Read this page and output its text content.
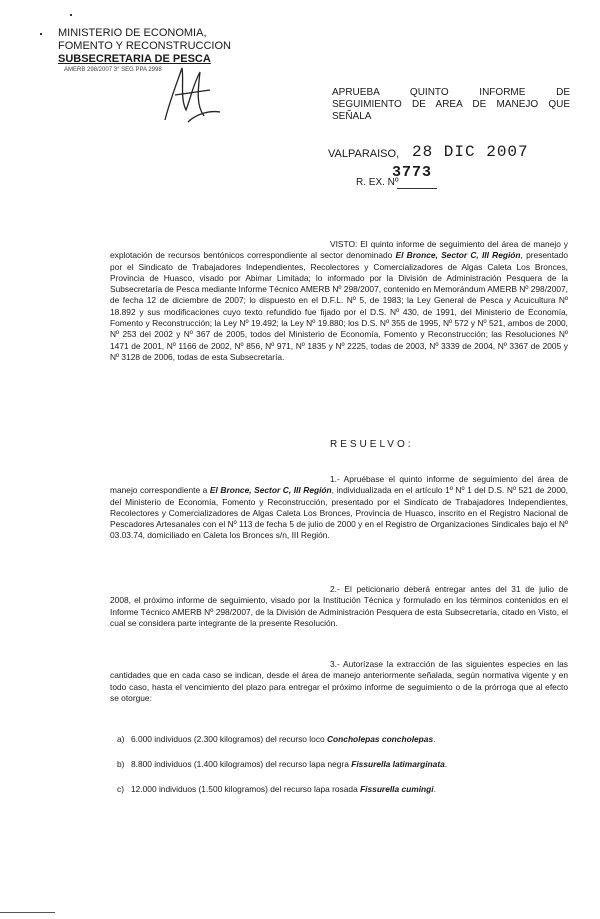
MINISTERIO DE ECONOMIA,
FOMENTO Y RECONSTRUCCION
SUBSECRETARIA DE PESCA
AMERB 298/2007 3° SEG PPA 2998
APRUEBA QUINTO INFORME DE
SEGUIMIENTO DE AREA DE MANEJO QUE
SEÑALA
VALPARAISO, 28 DIC 2007
R. EX. Nº
3773
VISTO: El quinto informe de seguimiento del área de manejo y explotación de recursos bentónicos correspondiente al sector denominado El Bronce, Sector C, III Región, presentado por el Sindicato de Trabajadores Independientes, Recolectores y Comercializadores de Algas Caleta Los Bronces, Provincia de Huasco, visado por Abimar Limitada; lo informado por la División de Administración Pesquera de la Subsecretaría de Pesca mediante Informe Técnico AMERB Nº 298/2007, contenido en Memorándum AMERB Nº 298/2007, de fecha 12 de diciembre de 2007; lo dispuesto en el D.F.L. Nº 5, de 1983; la Ley General de Pesca y Acuicultura Nº 18.892 y sus modificaciones cuyo texto refundido fue fijado por el D.S. Nº 430, de 1991, del Ministerio de Economía, Fomento y Reconstrucción; la Ley Nº 19.492; la Ley Nº 19.880; los D.S. Nº 355 de 1995, Nº 572 y Nº 521, ambos de 2000, Nº 253 del 2002 y Nº 367 de 2005, todos del Ministerio de Economía, Fomento y Reconstrucción; las Resoluciones Nº 1471 de 2001, Nº 1166 de 2002, Nº 856, Nº 971, Nº 1835 y Nº 2225, todas de 2003, Nº 3339 de 2004, Nº 3367 de 2005 y Nº 3128 de 2006, todas de esta Subsecretaría.
RESUELVO:
1.- Apruébase el quinto informe de seguimiento del área de manejo correspondiente a El Bronce, Sector C, III Región, individualizada en el artículo 1º Nº 1 del D.S. Nº 521 de 2000, del Ministerio de Economía, Fomento y Reconstrucción, presentado por el Sindicato de Trabajadores Independientes, Recolectores y Comercializadores de Algas Caleta Los Bronces, Provincia de Huasco, inscrito en el Registro Nacional de Pescadores Artesanales con el Nº 113 de fecha 5 de julio de 2000 y en el Registro de Organizaciones Sindicales bajo el Nº 03.03.74, domiciliado en Caleta los Bronces s/n, III Región.
2.- El peticionario deberá entregar antes del 31 de julio de 2008, el próximo informe de seguimiento, visado por la Institución Técnica y formulado en los términos contenidos en el Informe Técnico AMERB Nº 298/2007, de la División de Administración Pesquera de esta Subsecretaría, citado en Visto, el cual se considera parte integrante de la presente Resolución.
3.- Autorízase la extracción de las siguientes especies en las cantidades que en cada caso se indican, desde el área de manejo anteriormente señalada, según normativa vigente y en todo caso, hasta el vencimiento del plazo para entregar el próximo informe de seguimiento o de la prórroga que al efecto se otorgue:
a) 6.000 individuos (2.300 kilogramos) del recurso loco Concholepas concholepas.
b) 8.800 individuos (1.400 kilogramos) del recurso lapa negra Fissurella latimarginata.
c) 12.000 individuos (1.500 kilogramos) del recurso lapa rosada Fissurella cumingi.
